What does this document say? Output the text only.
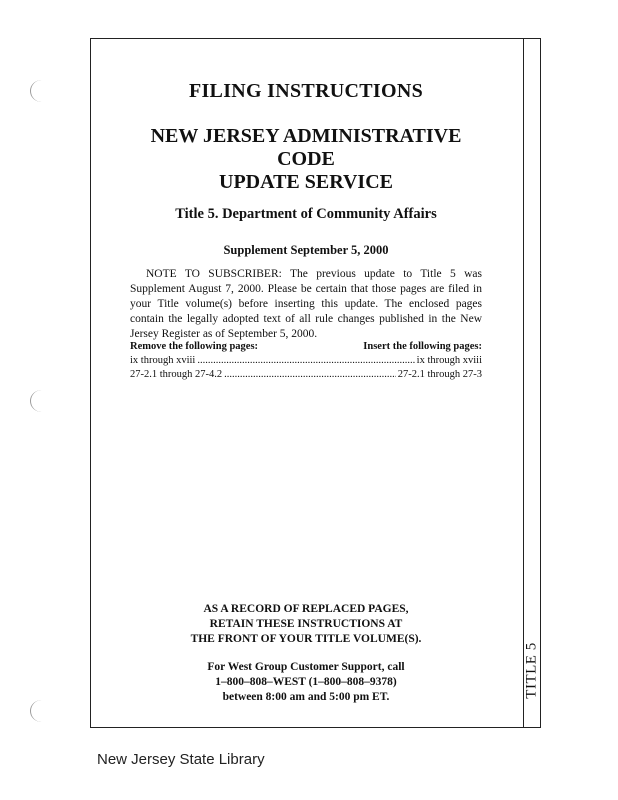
TITLE 5
FILING INSTRUCTIONS
NEW JERSEY ADMINISTRATIVE CODE
UPDATE SERVICE
Title 5. Department of Community Affairs
Supplement September 5, 2000
NOTE TO SUBSCRIBER: The previous update to Title 5 was Supplement August 7, 2000. Please be certain that those pages are filed in your Title volume(s) before inserting this update. The enclosed pages contain the legally adopted text of all rule changes published in the New Jersey Register as of September 5, 2000.
Remove the following pages:	Insert the following pages:
ix through xviii .....	ix through xviii
27-2.1 through 27-4.2 .....	27-2.1 through 27-3
AS A RECORD OF REPLACED PAGES,
RETAIN THESE INSTRUCTIONS AT
THE FRONT OF YOUR TITLE VOLUME(S).
For West Group Customer Support, call
1–800–808–WEST (1–800–808–9378)
between 8:00 am and 5:00 pm ET.
New Jersey State Library
